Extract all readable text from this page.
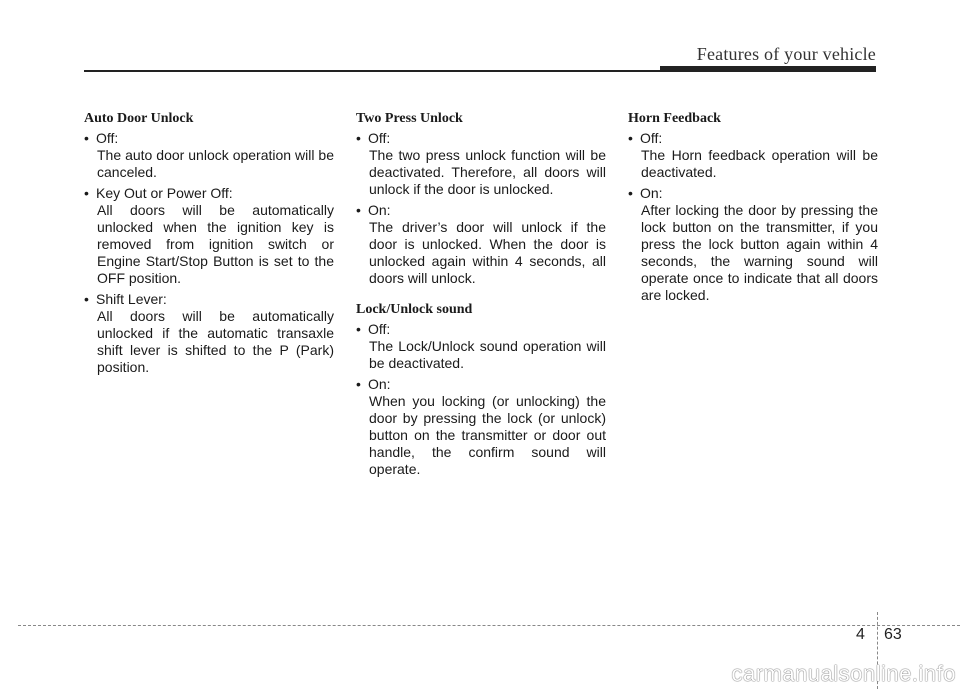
Features of your vehicle
Auto Door Unlock
• Off:
The auto door unlock operation will be canceled.
• Key Out or Power Off:
All doors will be automatically unlocked when the ignition key is removed from ignition switch or Engine Start/Stop Button is set to the OFF position.
• Shift Lever:
All doors will be automatically unlocked if the automatic transaxle shift lever is shifted to the P (Park) position.
Two Press Unlock
• Off:
The two press unlock function will be deactivated. Therefore, all doors will unlock if the door is unlocked.
• On:
The driver’s door will unlock if the door is unlocked. When the door is unlocked again within 4 seconds, all doors will unlock.
Lock/Unlock sound
• Off:
The Lock/Unlock sound operation will be deactivated.
• On:
When you locking (or unlocking) the door by pressing the lock (or unlock) button on the transmitter or door out handle, the confirm sound will operate.
Horn Feedback
• Off:
The Horn feedback operation will be deactivated.
• On:
After locking the door by pressing the lock button on the transmitter, if you press the lock button again within 4 seconds, the warning sound will operate once to indicate that all doors are locked.
4 63
carmanualsonline.info
